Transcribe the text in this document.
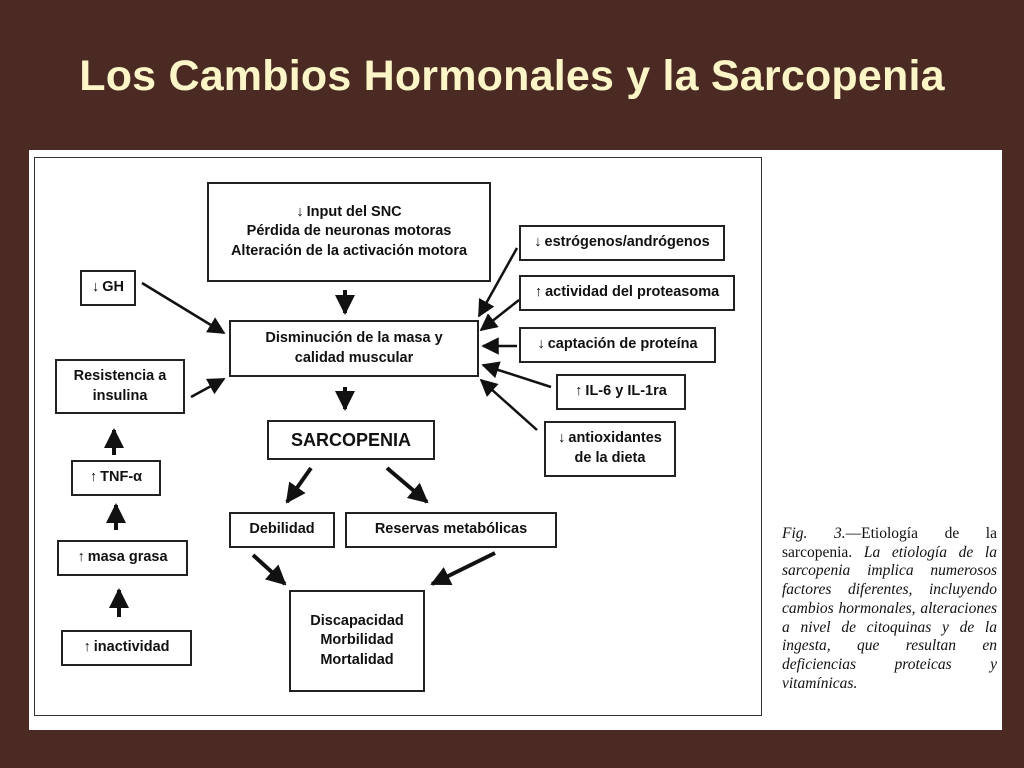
Los Cambios Hormonales y la Sarcopenia
↓ Input del SNC
Pérdida de neuronas motoras
Alteración de la activación motora
↓ GH
Disminución de la masa y
calidad muscular
Resistencia a
insulina
↓ estrógenos/andrógenos
↑ actividad del proteasoma
↓ captación de proteína
↑ IL-6 y IL-1ra
↓ antioxidantes
de la dieta
SARCOPENIA
Debilidad	Reservas metabólicas
Discapacidad
Morbilidad
Mortalidad
↑ TNF-α
↑ masa grasa
↑ inactividad
Fig. 3.—Etiología de la sarcopenia. La etiología de la sarcopenia implica numerosos factores diferentes, incluyendo cambios hormonales, alteraciones a nivel de citoquinas y de la ingesta, que resultan en deficiencias proteicas y vitamínicas.
